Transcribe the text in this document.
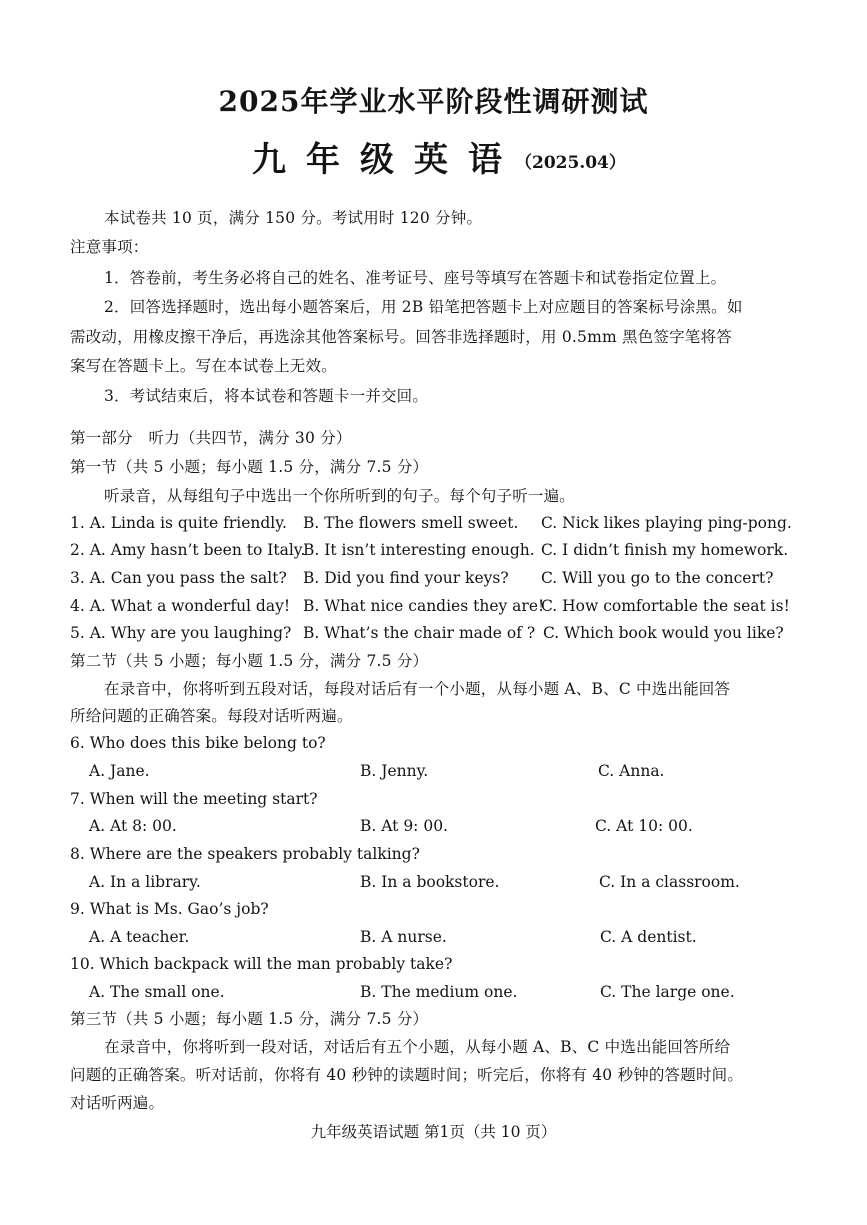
2025年学业水平阶段性调研测试
九年级英语
（2025.04）
本试卷共 10 页，满分 150 分。考试用时 120 分钟。
注意事项：
1．答卷前，考生务必将自己的姓名、准考证号、座号等填写在答题卡和试卷指定位置上。
2．回答选择题时，选出每小题答案后，用 2B 铅笔把答题卡上对应题目的答案标号涂黑。如
需改动，用橡皮擦干净后，再选涂其他答案标号。回答非选择题时，用 0.5mm 黑色签字笔将答
案写在答题卡上。写在本试卷上无效。
3．考试结束后，将本试卷和答题卡一并交回。
第一部分　听力（共四节，满分 30 分）
第一节（共 5 小题；每小题 1.5 分，满分 7.5 分）
听录音，从每组句子中选出一个你所听到的句子。每个句子听一遍。
1. A. Linda is quite friendly. B. The flowers smell sweet. C. Nick likes playing ping-pong.
2. A. Amy hasn’t been to Italy.
B. It isn’t interesting enough. C. I didn’t finish my homework.
3. A. Can you pass the salt? B. Did you find your keys? C. Will you go to the concert?
4. A. What a wonderful day! B. What nice candies they are!
C. How comfortable the seat is!
5. A. Why are you laughing? B. What’s the chair made of ? C. Which book would you like?
第二节（共 5 小题；每小题 1.5 分，满分 7.5 分）
在录音中，你将听到五段对话，每段对话后有一个小题，从每小题 A、B、C 中选出能回答
所给问题的正确答案。每段对话听两遍。
6. Who does this bike belong to?
A. Jane.	B. Jenny.	C. Anna.
7. When will the meeting start?
A. At 8: 00.	B. At 9: 00.	C. At 10: 00.
8. Where are the speakers probably talking?
A. In a library.	B. In a bookstore.	C. In a classroom.
9. What is Ms. Gao’s job?
A. A teacher.	B. A nurse.	C. A dentist.
10. Which backpack will the man probably take?
A. The small one.	B. The medium one.	C. The large one.
第三节（共 5 小题；每小题 1.5 分，满分 7.5 分）
在录音中，你将听到一段对话，对话后有五个小题，从每小题 A、B、C 中选出能回答所给
问题的正确答案。听对话前，你将有 40 秒钟的读题时间；听完后，你将有 40 秒钟的答题时间。
对话听两遍。
九年级英语试题 第1页（共 10 页）
